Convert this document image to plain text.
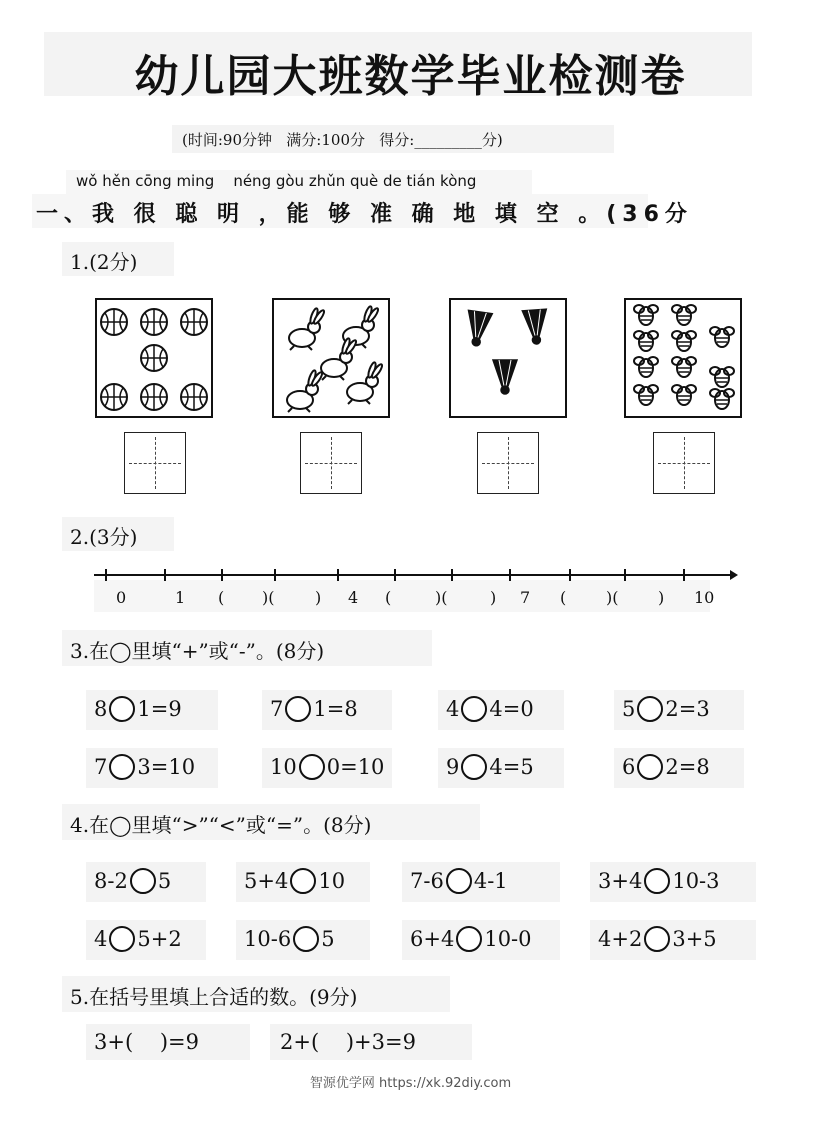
幼儿园大班数学毕业检测卷
(时间:90分钟   满分:100分   得分:_________分)
wǒ hěn cōng ming    néng gòu zhǔn què de tián kòng
一、我 很 聪 明 ，能 够 准 确 地 填 空 。(36分
1.(2分)
2.(3分)
0	1 ( )(	) 4 (	)(	) 7 ( )( ) 10
3.在◯里填“+”或“-”。(8分)
8 1=9	7 1=8	4 4=0	5 2=3
7 3=10	10 0=10	9 4=5	6 2=8
4.在◯里填“>”“<”或“=”。(8分)
8-2 5	5+4 10	7-6 4-1	3+4 10-3
4 5+2	10-6 5	6+4 10-0	4+2 3+5
5.在括号里填上合适的数。(9分)
3+(    )=9	2+(    )+3=9
智源优学网 https://xk.92diy.com
